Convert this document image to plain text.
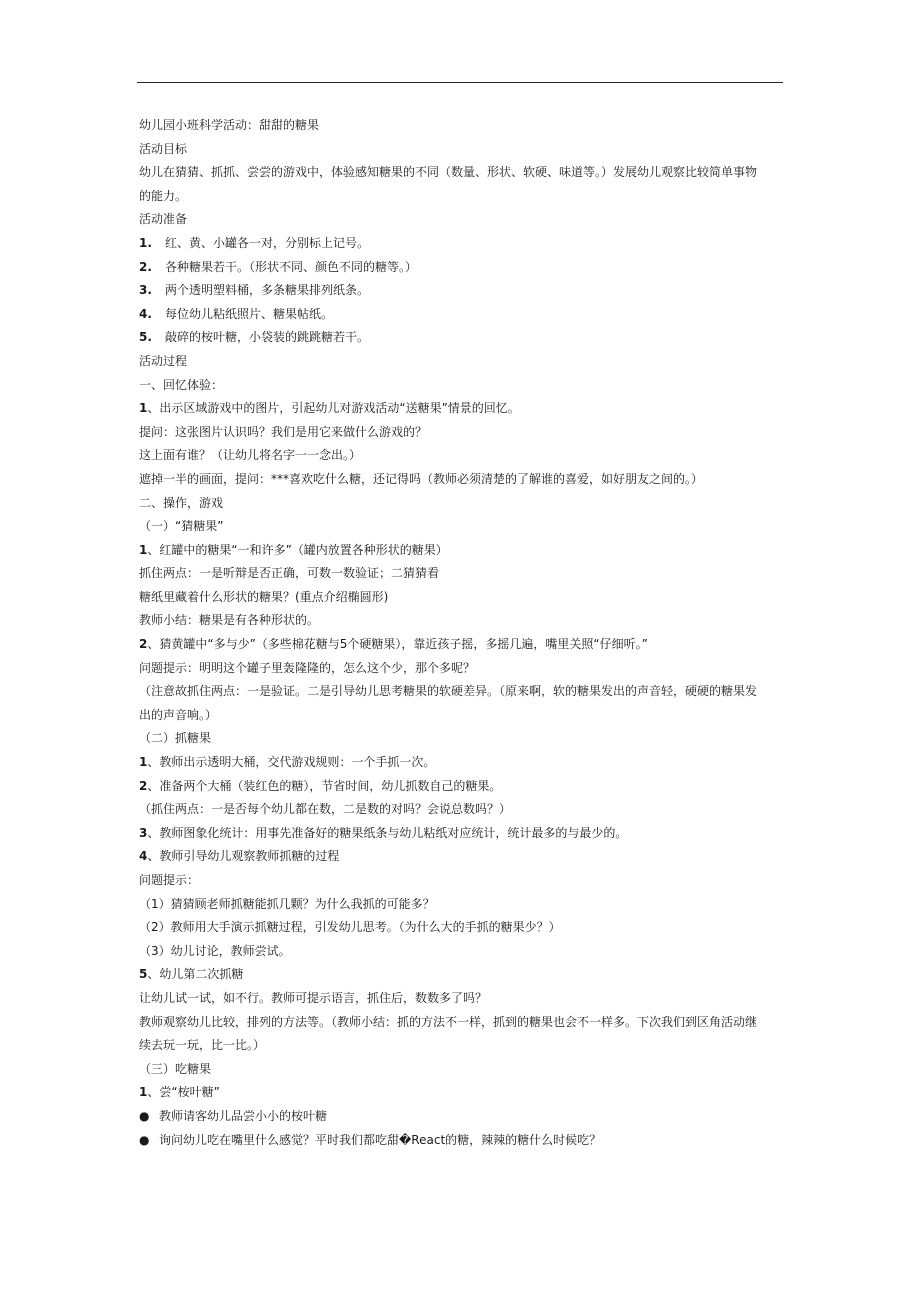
幼儿园小班科学活动：甜甜的糖果
活动目标
幼儿在猜猜、抓抓、尝尝的游戏中，体验感知糖果的不同（数量、形状、软硬、味道等。）发展幼儿观察比较简单事物
的能力。
活动准备
1. 红、黄、小罐各一对，分别标上记号。
2. 各种糖果若干。（形状不同、颜色不同的糖等。）
3. 两个透明塑料桶，多条糖果排列纸条。
4. 每位幼儿粘纸照片、糖果帖纸。
5. 敲碎的桉叶糖，小袋装的跳跳糖若干。
活动过程
一、回忆体验：
1、出示区域游戏中的图片，引起幼儿对游戏活动“送糖果”情景的回忆。
提问：这张图片认识吗？我们是用它来做什么游戏的？
这上面有谁？（让幼儿将名字一一念出。）
遮掉一半的画面，提问：***喜欢吃什么糖，还记得吗（教师必须清楚的了解谁的喜爱，如好朋友之间的。）
二、操作，游戏
（一）“猜糖果”
1、红罐中的糖果“一和许多”（罐内放置各种形状的糖果）
抓住两点：一是听辩是否正确，可数一数验证；二猜猜看
糖纸里藏着什么形状的糖果？(重点介绍椭圆形)
教师小结：糖果是有各种形状的。
2、猜黄罐中“多与少”（多些棉花糖与5个硬糖果），靠近孩子摇，多摇几遍，嘴里关照“仔细听。”
问题提示：明明这个罐子里轰隆隆的，怎么这个少，那个多呢？
（注意故抓住两点：一是验证。二是引导幼儿思考糖果的软硬差异。（原来啊，软的糖果发出的声音轻，硬硬的糖果发
出的声音响。）
（二）抓糖果
1、教师出示透明大桶，交代游戏规则：一个手抓一次。
2、准备两个大桶（装红色的糖），节省时间，幼儿抓数自己的糖果。
（抓住两点：一是否每个幼儿都在数，二是数的对吗？会说总数吗？）
3、教师图象化统计：用事先准备好的糖果纸条与幼儿粘纸对应统计，统计最多的与最少的。
4、教师引导幼儿观察教师抓糖的过程
问题提示：
（1）猜猜顾老师抓糖能抓几颗？为什么我抓的可能多？
（2）教师用大手演示抓糖过程，引发幼儿思考。（为什么大的手抓的糖果少？）
（3）幼儿讨论，教师尝试。
5、幼儿第二次抓糖
让幼儿试一试，如不行。教师可提示语言，抓住后，数数多了吗？
教师观察幼儿比较，排列的方法等。（教师小结：抓的方法不一样，抓到的糖果也会不一样多。下次我们到区角活动继
续去玩一玩，比一比。）
（三）吃糖果
1、尝“桉叶糖”
● 教师请客幼儿品尝小小的桉叶糖
● 询问幼儿吃在嘴里什么感觉？平时我们都吃甜�React的糖，辣辣的糖什么时候吃？
